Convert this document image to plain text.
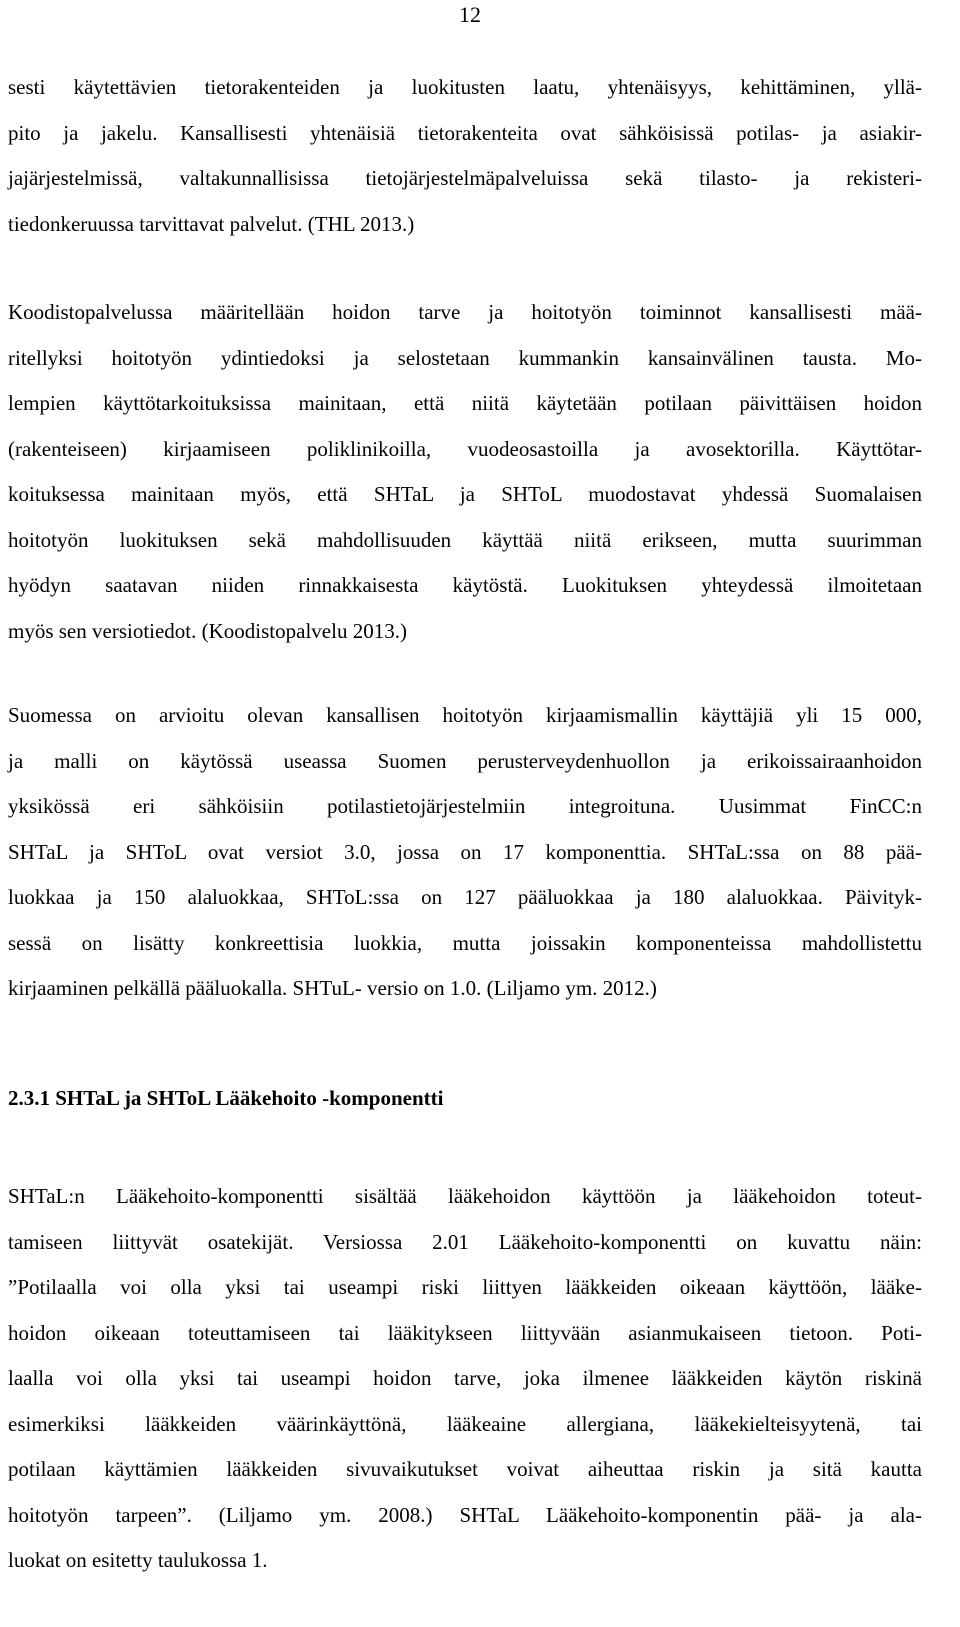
12

sesti käytettävien tietorakenteiden ja luokitusten laatu, yhtenäisyys, kehittäminen, yllä-
pito ja jakelu. Kansallisesti yhtenäisiä tietorakenteita ovat sähköisissä potilas- ja asiakir-
jajärjestelmissä, valtakunnallisissa tietojärjestelmäpalveluissa sekä tilasto- ja rekisteri-
tiedonkeruussa tarvittavat palvelut. (THL 2013.)

Koodistopalvelussa määritellään hoidon tarve ja hoitotyön toiminnot kansallisesti mää-
ritellyksi hoitotyön ydintiedoksi ja selostetaan kummankin kansainvälinen tausta. Mo-
lempien käyttötarkoituksissa mainitaan, että niitä käytetään potilaan päivittäisen hoidon
(rakenteiseen) kirjaamiseen poliklinikoilla, vuodeosastoilla ja avosektorilla. Käyttötar-
koituksessa mainitaan myös, että SHTaL ja SHToL muodostavat yhdessä Suomalaisen
hoitotyön luokituksen sekä mahdollisuuden käyttää niitä erikseen, mutta suurimman
hyödyn saatavan niiden rinnakkaisesta käytöstä. Luokituksen yhteydessä ilmoitetaan
myös sen versiotiedot. (Koodistopalvelu 2013.)

Suomessa on arvioitu olevan kansallisen hoitotyön kirjaamismallin käyttäjiä yli 15 000,
ja malli on käytössä useassa Suomen perusterveydenhuollon ja erikoissairaanhoidon
yksikössä eri sähköisiin potilastietojärjestelmiin integroituna. Uusimmat FinCC:n
SHTaL ja SHToL ovat versiot 3.0, jossa on 17 komponenttia. SHTaL:ssa on 88 pää-
luokkaa ja 150 alaluokkaa, SHToL:ssa on 127 pääluokkaa ja 180 alaluokkaa. Päivityk-
sessä on lisätty konkreettisia luokkia, mutta joissakin komponenteissa mahdollistettu
kirjaaminen pelkällä pääluokalla. SHTuL- versio on 1.0. (Liljamo ym. 2012.)

2.3.1 SHTaL ja SHToL Lääkehoito -komponentti

SHTaL:n Lääkehoito-komponentti sisältää lääkehoidon käyttöön ja lääkehoidon toteut-
tamiseen liittyvät osatekijät. Versiossa 2.01 Lääkehoito-komponentti on kuvattu näin:
”Potilaalla voi olla yksi tai useampi riski liittyen lääkkeiden oikeaan käyttöön, lääke-
hoidon oikeaan toteuttamiseen tai lääkitykseen liittyvään asianmukaiseen tietoon. Poti-
laalla voi olla yksi tai useampi hoidon tarve, joka ilmenee lääkkeiden käytön riskinä
esimerkiksi lääkkeiden väärinkäyttönä, lääkeaine allergiana, lääkekielteisyytenä, tai
potilaan käyttämien lääkkeiden sivuvaikutukset voivat aiheuttaa riskin ja sitä kautta
hoitotyön tarpeen”. (Liljamo ym. 2008.) SHTaL Lääkehoito-komponentin pää- ja ala-
luokat on esitetty taulukossa 1.
